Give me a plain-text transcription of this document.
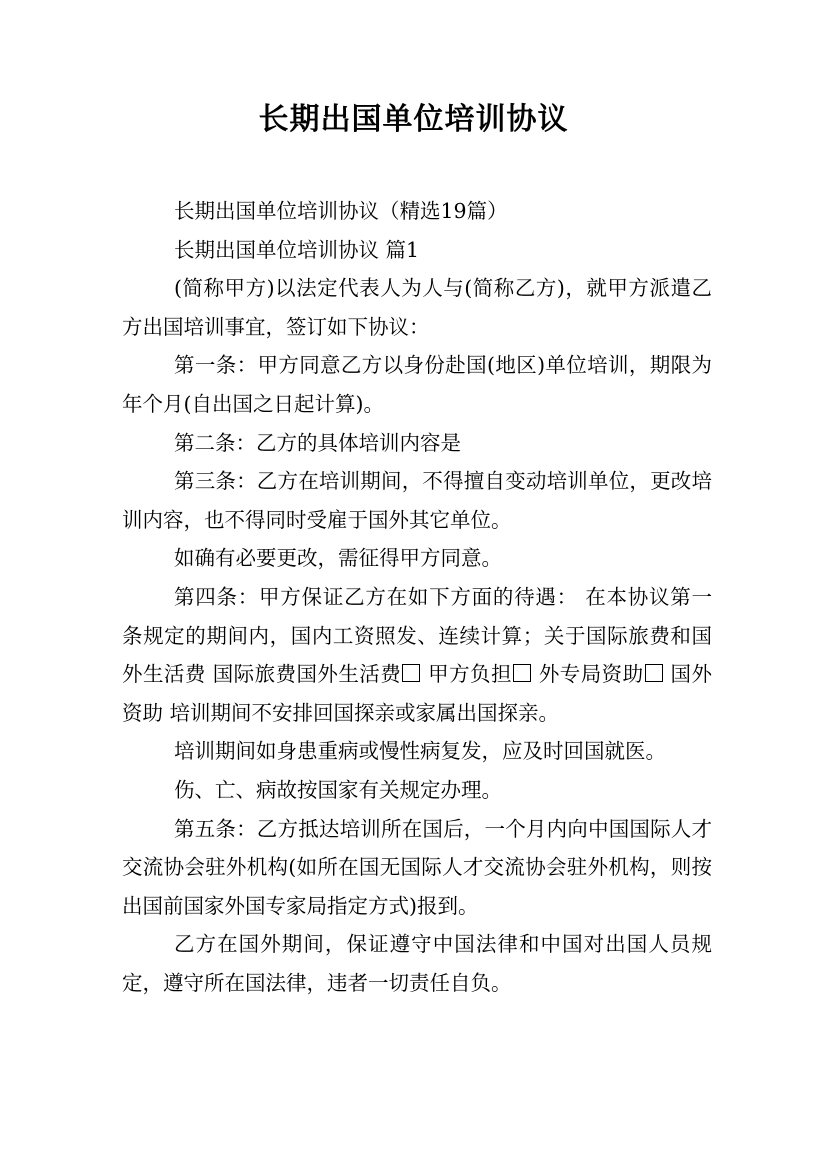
长期出国单位培训协议

长期出国单位培训协议（精选19篇）

长期出国单位培训协议 篇1

(简称甲方)以法定代表人为人与(简称乙方)，就甲方派遣乙方出国培训事宜，签订如下协议：

第一条：甲方同意乙方以身份赴国(地区)单位培训，期限为年个月(自出国之日起计算)。

第二条：乙方的具体培训内容是

第三条：乙方在培训期间，不得擅自变动培训单位，更改培训内容，也不得同时受雇于国外其它单位。

如确有必要更改，需征得甲方同意。

第四条：甲方保证乙方在如下方面的待遇： 在本协议第一条规定的期间内，国内工资照发、连续计算；关于国际旅费和国外生活费 国际旅费国外生活费 甲方负担 外专局资助 国外资助 培训期间不安排回国探亲或家属出国探亲。

培训期间如身患重病或慢性病复发，应及时回国就医。

伤、亡、病故按国家有关规定办理。

第五条：乙方抵达培训所在国后，一个月内向中国国际人才交流协会驻外机构(如所在国无国际人才交流协会驻外机构，则按出国前国家外国专家局指定方式)报到。

乙方在国外期间，保证遵守中国法律和中国对出国人员规定，遵守所在国法律，违者一切责任自负。
